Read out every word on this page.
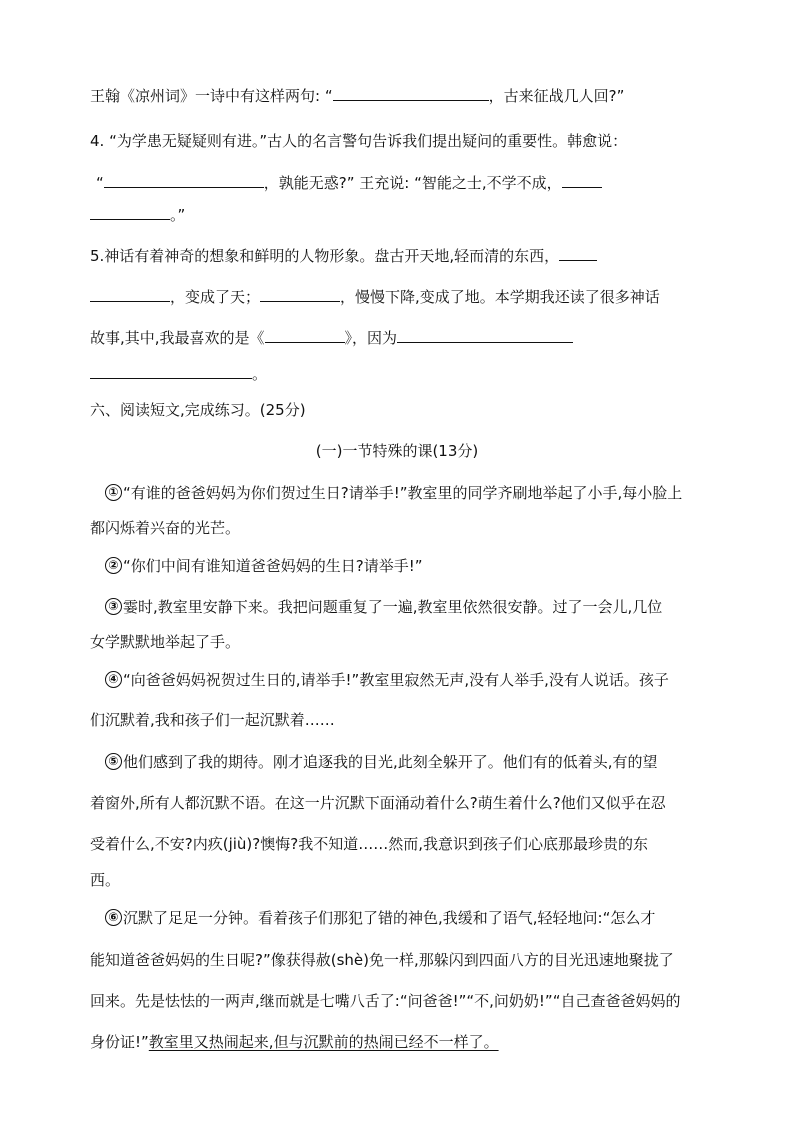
王翰《凉州词》一诗中有这样两句: “	，古来征战几人回?”
4. “为学患无疑疑则有进。”古人的名言警句告诉我们提出疑问的重要性。韩愈说：
“	，孰能无惑?” 王充说: “智能之士,不学不成，
。”
5.神话有着神奇的想象和鲜明的人物形象。盘古开天地,轻而清的东西，
，变成了天；	，慢慢下降,变成了地。本学期我还读了很多神话
故事,其中,我最喜欢的是《	》，因为
。
六、阅读短文,完成练习。(25分)
(一)一节特殊的课(13分)
① “有谁的爸爸妈妈为你们贺过生日?请举手!”教室里的同学齐刷地举起了小手,每小脸上
都闪烁着兴奋的光芒。
② “你们中间有谁知道爸爸妈妈的生日?请举手!”
③ 霎时,教室里安静下来。我把问题重复了一遍,教室里依然很安静。过了一会儿,几位
女学默默地举起了手。
④ “向爸爸妈妈祝贺过生日的,请举手!”教室里寂然无声,没有人举手,没有人说话。孩子
们沉默着,我和孩子们一起沉默着……
⑤ 他们感到了我的期待。刚才追逐我的目光,此刻全躲开了。他们有的低着头,有的望
着窗外,所有人都沉默不语。在这一片沉默下面涌动着什么?萌生着什么?他们又似乎在忍
受着什么,不安?内疚(jiù)?懊悔?我不知道……然而,我意识到孩子们心底那最珍贵的东
西。
⑥ 沉默了足足一分钟。看着孩子们那犯了错的神色,我缓和了语气,轻轻地问:“怎么才
能知道爸爸妈妈的生日呢?”像获得赦(shè)免一样,那躲闪到四面八方的目光迅速地聚拢了
回来。先是怯怯的一两声,继而就是七嘴八舌了:“问爸爸!”“不,问奶奶!”“自己查爸爸妈妈的
身份证!”教室里又热闹起来,但与沉默前的热闹已经不一样了。
